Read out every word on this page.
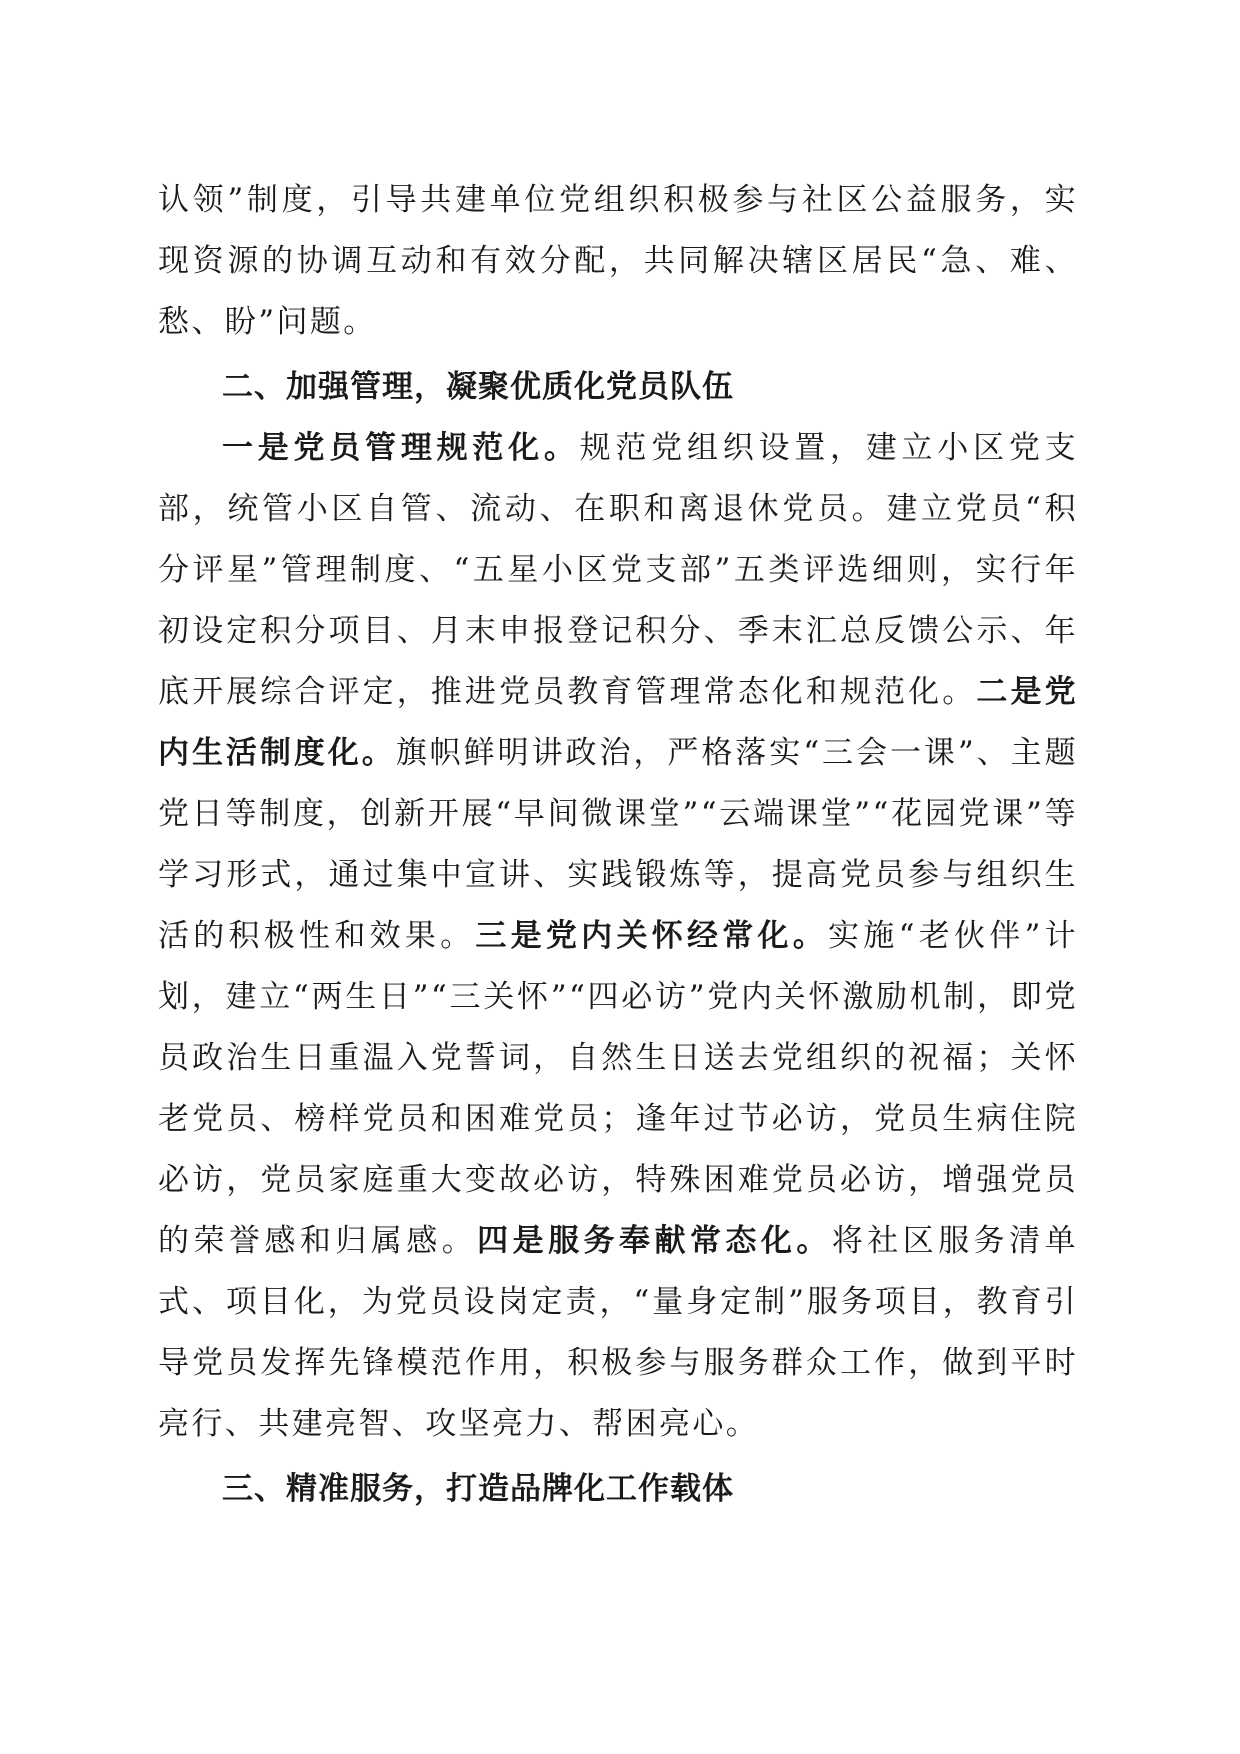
认领”制度，引导共建单位党组织积极参与社区公益服务，实现资源的协调互动和有效分配，共同解决辖区居民“急、难、愁、盼”问题。

二、加强管理，凝聚优质化党员队伍

一是党员管理规范化。规范党组织设置，建立小区党支部，统管小区自管、流动、在职和离退休党员。建立党员“积分评星”管理制度、“五星小区党支部”五类评选细则，实行年初设定积分项目、月末申报登记积分、季末汇总反馈公示、年底开展综合评定，推进党员教育管理常态化和规范化。二是党内生活制度化。旗帜鲜明讲政治，严格落实“三会一课”、主题党日等制度，创新开展“早间微课堂”“云端课堂”“花园党课”等学习形式，通过集中宣讲、实践锻炼等，提高党员参与组织生活的积极性和效果。三是党内关怀经常化。实施“老伙伴”计划，建立“两生日”“三关怀”“四必访”党内关怀激励机制，即党员政治生日重温入党誓词，自然生日送去党组织的祝福；关怀老党员、榜样党员和困难党员；逢年过节必访，党员生病住院必访，党员家庭重大变故必访，特殊困难党员必访，增强党员的荣誉感和归属感。四是服务奉献常态化。将社区服务清单式、项目化，为党员设岗定责，“量身定制”服务项目，教育引导党员发挥先锋模范作用，积极参与服务群众工作，做到平时亮行、共建亮智、攻坚亮力、帮困亮心。

三、精准服务，打造品牌化工作载体
